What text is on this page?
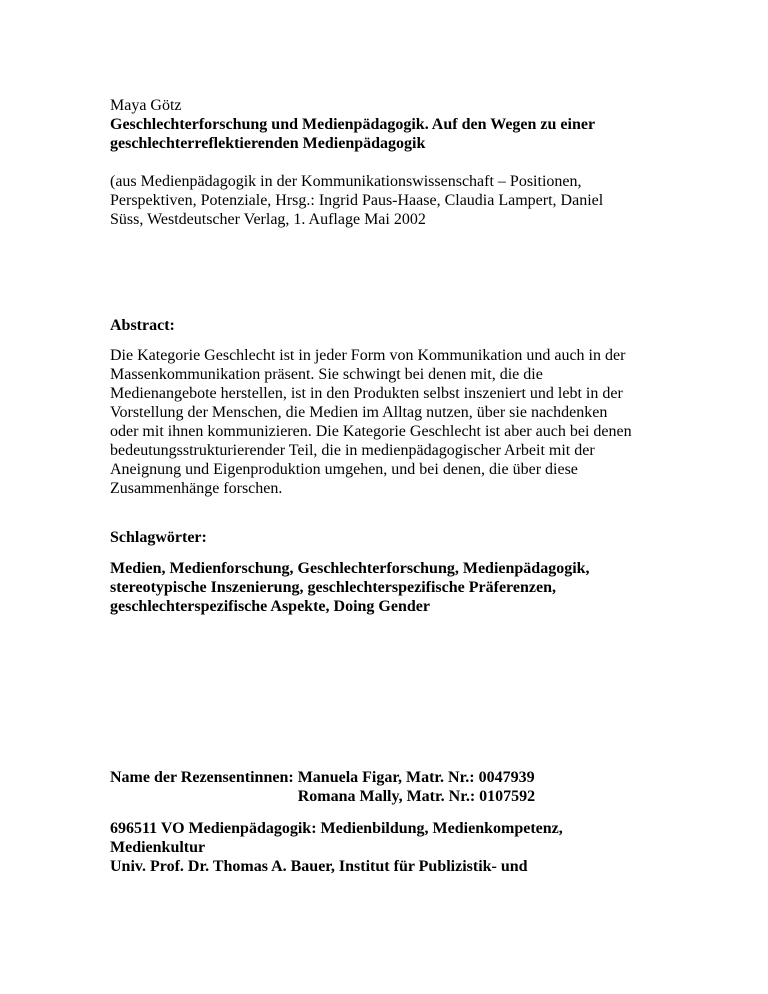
Maya Götz
Geschlechterforschung und Medienpädagogik. Auf den Wegen zu einer
geschlechterreflektierenden Medienpädagogik
(aus Medienpädagogik in der Kommunikationswissenschaft – Positionen,
Perspektiven, Potenziale, Hrsg.: Ingrid Paus-Haase, Claudia Lampert, Daniel
Süss, Westdeutscher Verlag, 1. Auflage Mai 2002
Abstract:
Die Kategorie Geschlecht ist in jeder Form von Kommunikation und auch in der
Massenkommunikation präsent. Sie schwingt bei denen mit, die die
Medienangebote herstellen, ist in den Produkten selbst inszeniert und lebt in der
Vorstellung der Menschen, die Medien im Alltag nutzen, über sie nachdenken
oder mit ihnen kommunizieren. Die Kategorie Geschlecht ist aber auch bei denen
bedeutungsstrukturierender Teil, die in medienpädagogischer Arbeit mit der
Aneignung und Eigenproduktion umgehen, und bei denen, die über diese
Zusammenhänge forschen.
Schlagwörter:
Medien, Medienforschung, Geschlechterforschung, Medienpädagogik,
stereotypische Inszenierung, geschlechterspezifische Präferenzen,
geschlechterspezifische Aspekte, Doing Gender
Name der Rezensentinnen: Manuela Figar, Matr. Nr.: 0047939
Romana Mally, Matr. Nr.: 0107592
696511 VO Medienpädagogik: Medienbildung, Medienkompetenz,
Medienkultur
Univ. Prof. Dr. Thomas A. Bauer, Institut für Publizistik- und
